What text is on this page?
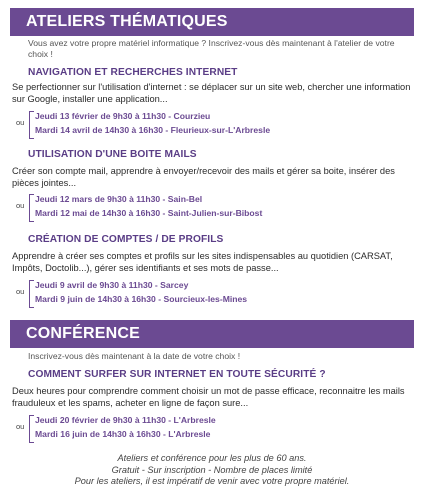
ATELIERS THÉMATIQUES
Vous avez votre propre matériel informatique ? Inscrivez-vous dès maintenant à l'atelier de votre choix !
NAVIGATION ET RECHERCHES INTERNET
Se perfectionner sur l'utilisation d'internet : se déplacer sur un site web, chercher une information sur Google, installer une application...
ou
Jeudi 13 février de 9h30 à 11h30 - Courzieu
Mardi 14 avril de 14h30 à 16h30 - Fleurieux-sur-L'Arbresle
UTILISATION D'UNE BOITE MAILS
Créer son compte mail, apprendre à envoyer/recevoir des mails et gérer sa boite, insérer des pièces jointes...
ou
Jeudi 12 mars de 9h30 à 11h30 - Sain-Bel
Mardi 12 mai de 14h30 à 16h30 - Saint-Julien-sur-Bibost
CRÉATION DE COMPTES / DE PROFILS
Apprendre à créer ses comptes et profils sur les sites indispensables au quotidien (CARSAT, Impôts, Doctolib...), gérer ses identifiants et ses mots de passe...
ou
Jeudi 9 avril de 9h30 à 11h30 - Sarcey
Mardi 9 juin de 14h30 à 16h30 - Sourcieux-les-Mines
CONFÉRENCE
Inscrivez-vous dès maintenant à la date de votre choix !
COMMENT SURFER SUR INTERNET EN TOUTE SÉCURITÉ ?
Deux heures pour comprendre comment choisir un mot de passe efficace, reconnaitre les mails frauduleux et les spams, acheter en ligne de façon sure...
ou
Jeudi 20 février de 9h30 à 11h30 - L'Arbresle
Mardi 16 juin de 14h30 à 16h30 - L'Arbresle
Ateliers et conférence pour les plus de 60 ans.
Gratuit - Sur inscription - Nombre de places limité
Pour les ateliers, il est impératif de venir avec votre propre matériel.
